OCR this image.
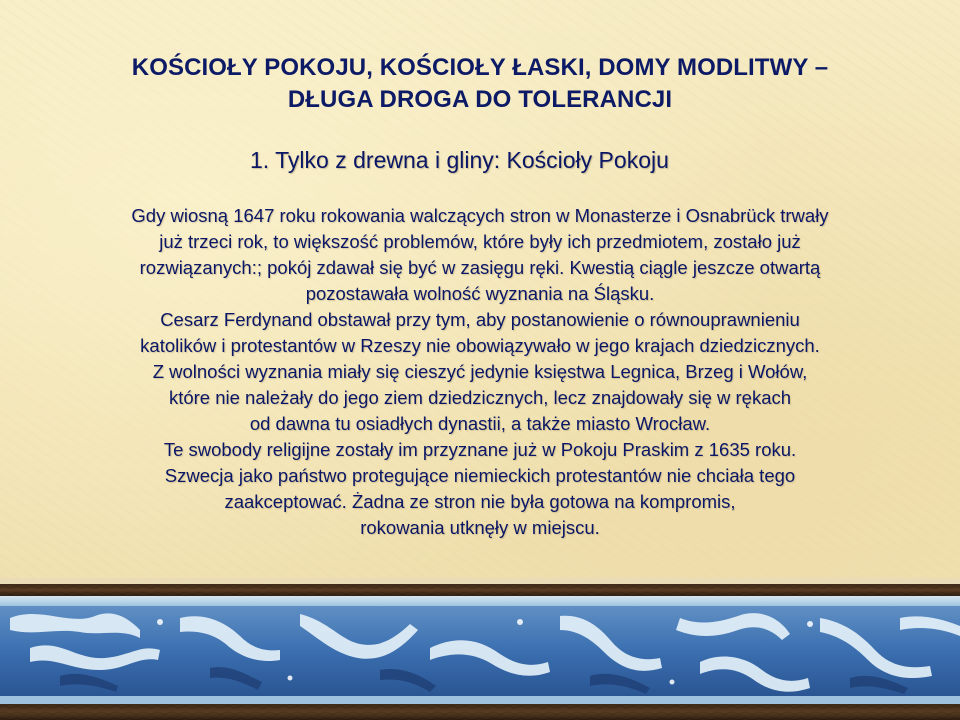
KOŚCIOŁY POKOJU, KOŚCIOŁY ŁASKI, DOMY MODLITWY –
DŁUGA DROGA DO TOLERANCJI
1. Tylko z drewna i gliny: Kościoły Pokoju
Gdy wiosną 1647 roku rokowania walczących stron w Monasterze i Osnabrück trwały
już trzeci rok, to większość problemów, które były ich przedmiotem, zostało już
rozwiązanych:; pokój zdawał się być w zasięgu ręki. Kwestią ciągle jeszcze otwartą
pozostawała wolność wyznania na Śląsku.
Cesarz Ferdynand obstawał przy tym, aby postanowienie o równouprawnieniu
katolików i protestantów w Rzeszy nie obowiązywało w jego krajach dziedzicznych.
Z wolności wyznania miały się cieszyć jedynie księstwa Legnica, Brzeg i Wołów,
które nie należały do jego ziem dziedzicznych, lecz znajdowały się w rękach
od dawna tu osiadłych dynastii, a także miasto Wrocław.
Te swobody religijne zostały im przyznane już w Pokoju Praskim z 1635 roku.
Szwecja jako państwo protegujące niemieckich protestantów nie chciała tego
zaakceptować. Żadna ze stron nie była gotowa na kompromis,
rokowania utknęły w miejscu.
